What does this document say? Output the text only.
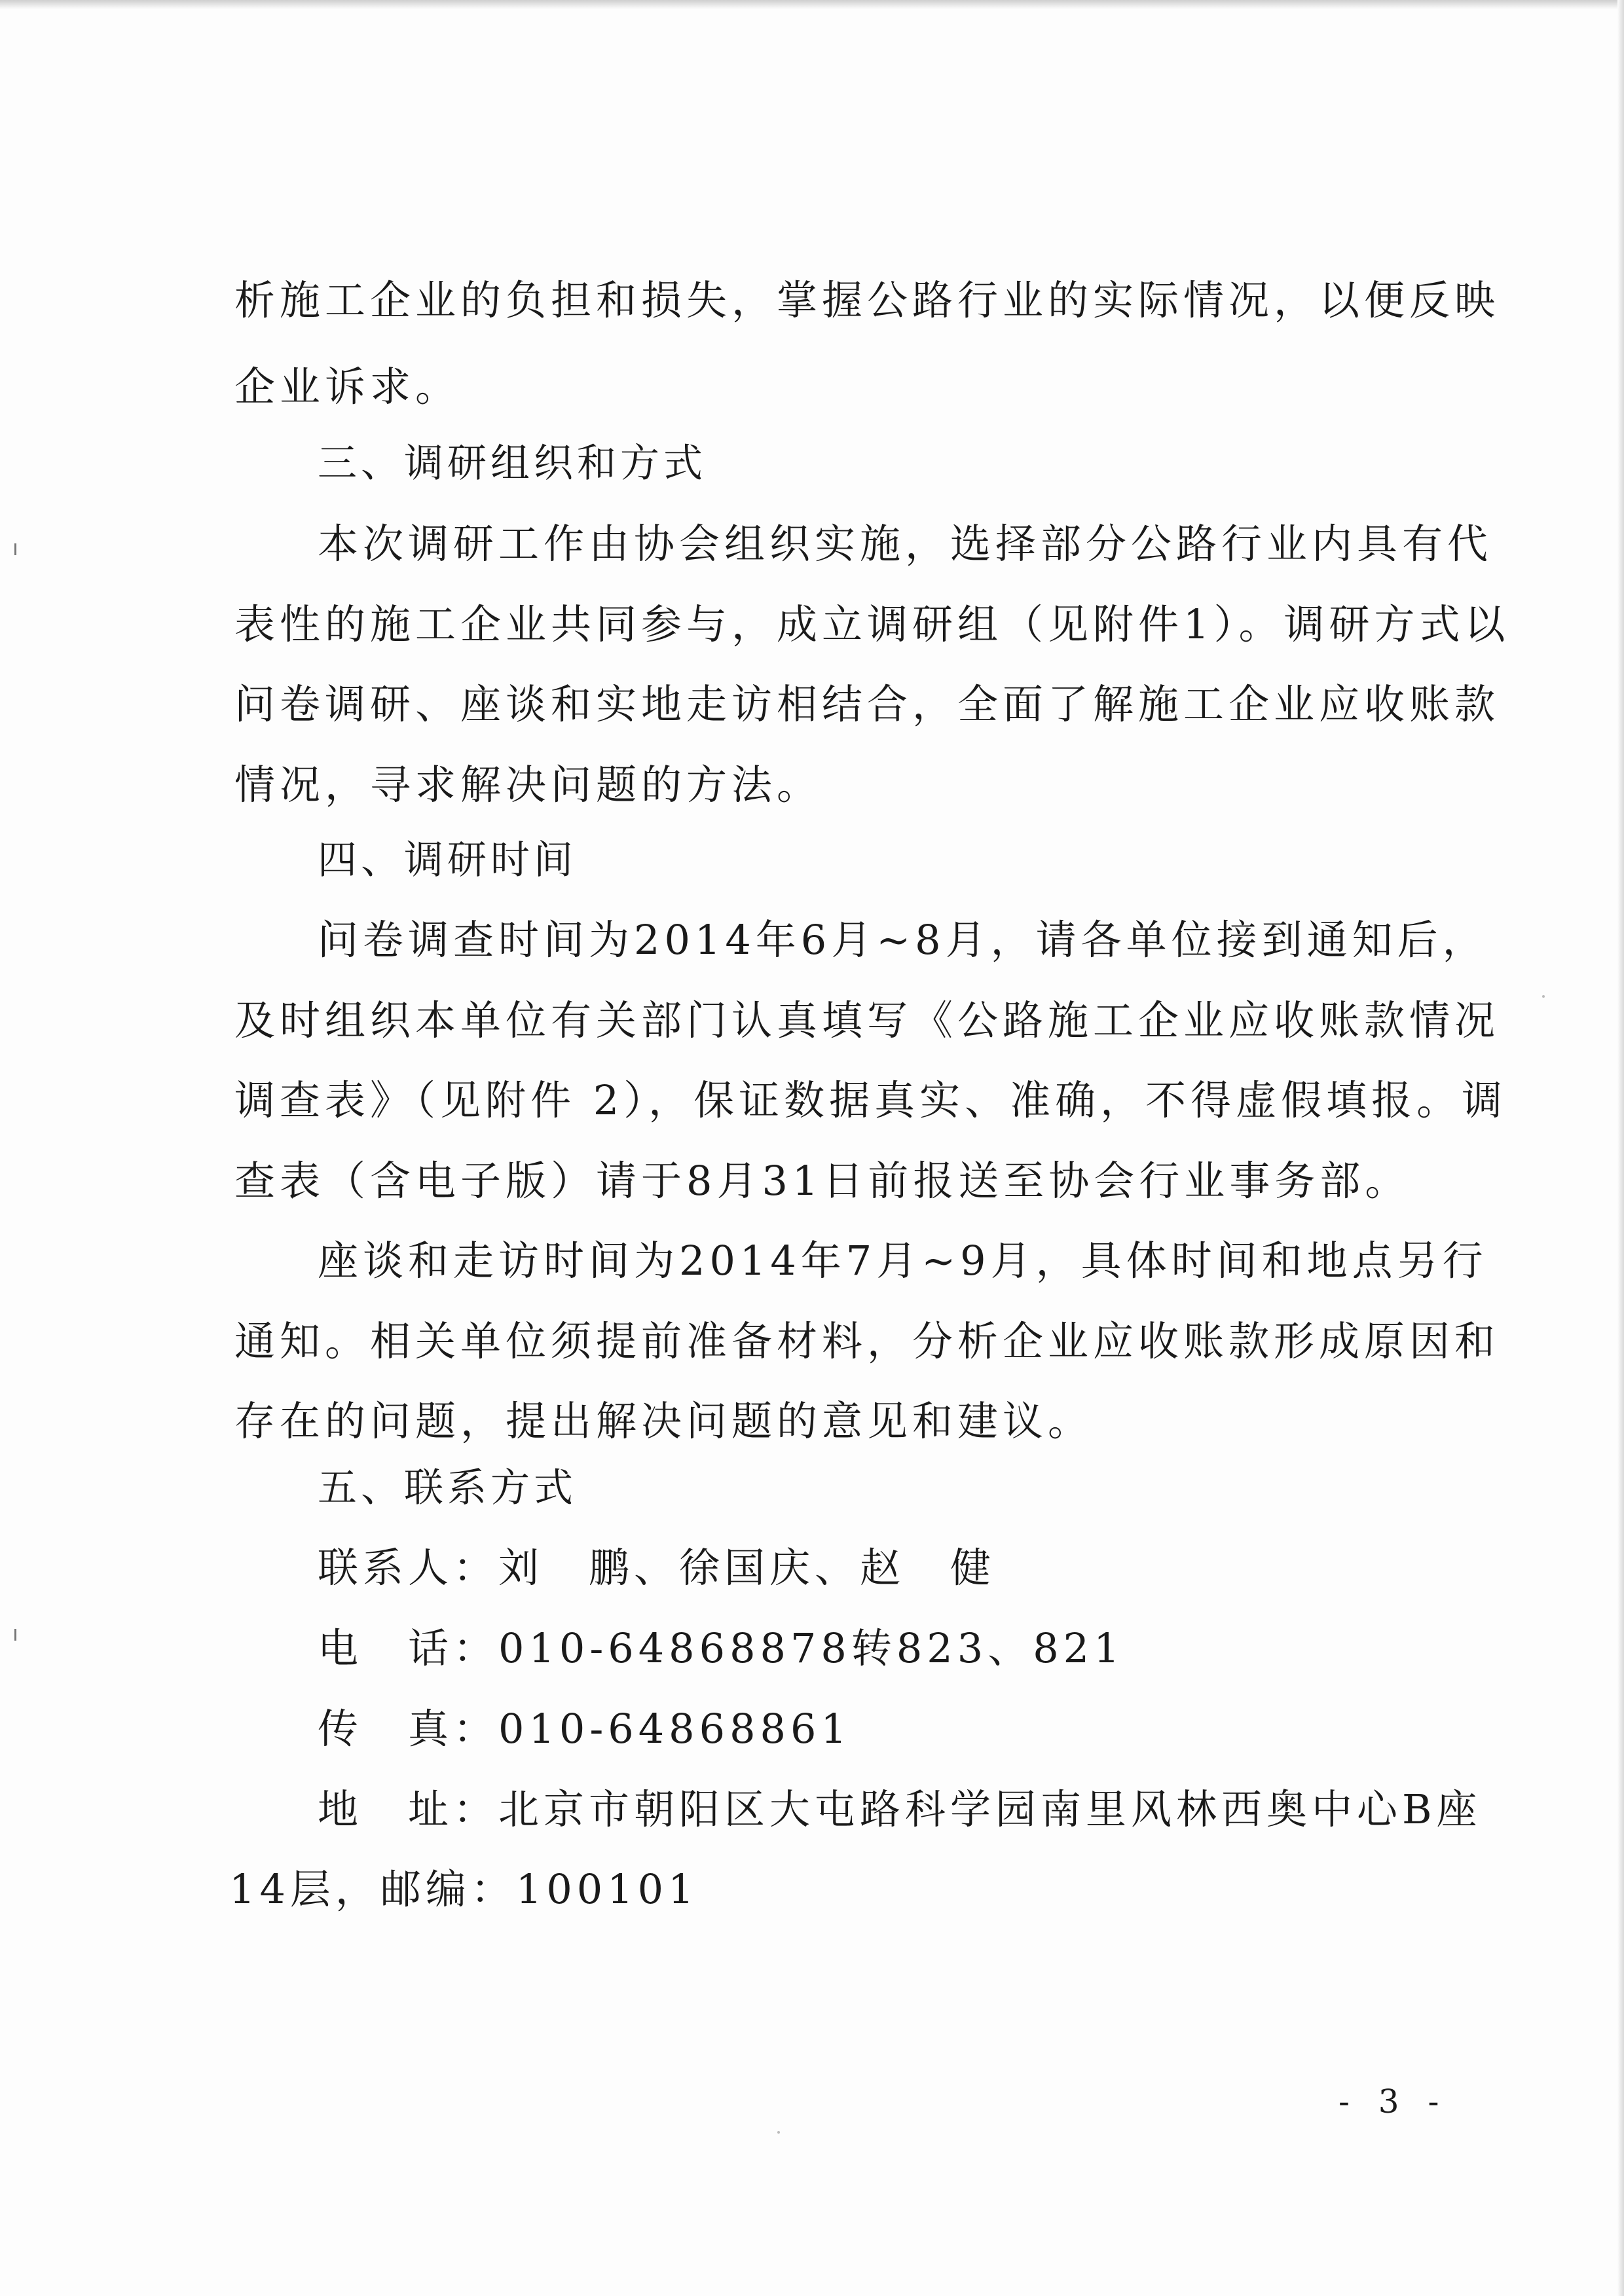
析施工企业的负担和损失，掌握公路行业的实际情况，以便反映
企业诉求。
三、调研组织和方式
本次调研工作由协会组织实施，选择部分公路行业内具有代
表性的施工企业共同参与，成立调研组（见附件1）。调研方式以
问卷调研、座谈和实地走访相结合，全面了解施工企业应收账款
情况，寻求解决问题的方法。
四、调研时间
问卷调查时间为2014年6月~8月，请各单位接到通知后，
及时组织本单位有关部门认真填写《公路施工企业应收账款情况
调查表》（见附件 2），保证数据真实、准确，不得虚假填报。调
查表（含电子版）请于8月31日前报送至协会行业事务部。
座谈和走访时间为2014年7月~9月，具体时间和地点另行
通知。相关单位须提前准备材料，分析企业应收账款形成原因和
存在的问题，提出解决问题的意见和建议。
五、联系方式
联系人：刘　鹏、徐国庆、赵　健
电　话：010-64868878转823、821
传　真：010-64868861
地　址：北京市朝阳区大屯路科学园南里风林西奥中心B座
14层，邮编：100101
- 3 -
